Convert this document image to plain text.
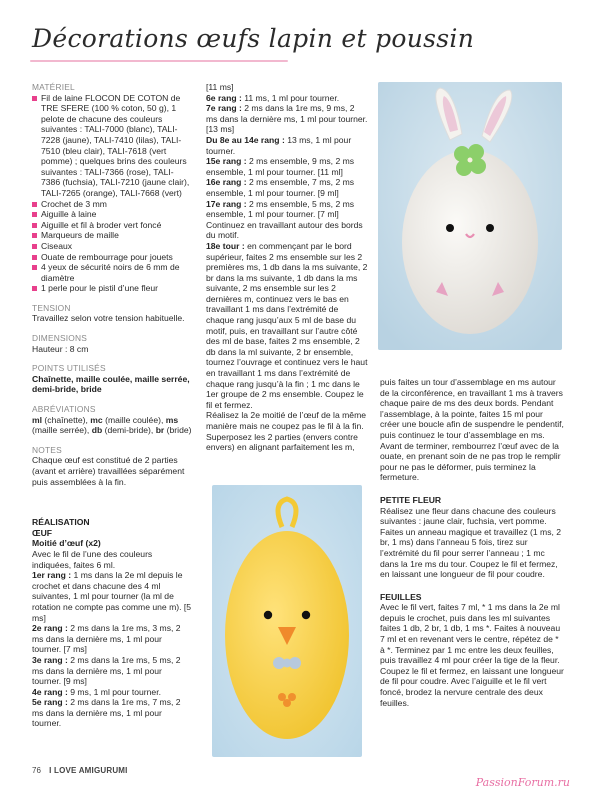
Décorations œufs lapin et poussin

MATÉRIEL

Fil de laine FLOCON DE COTON de TRE SFERE (100 % coton, 50 g), 1 pelote de chacune des couleurs suivantes : TALI-7000 (blanc), TALI-7228 (jaune), TALI-7410 (lilas), TALI-7510 (bleu clair), TALI-7618 (vert pomme) ; quelques brins des couleurs suivantes : TALI-7366 (rose), TALI-7386 (fuchsia), TALI-7210 (jaune clair), TALI-7265 (orange), TALI-7668 (vert)
Crochet de 3 mm
Aiguille à laine
Aiguille et fil à broder vert foncé
Marqueurs de maille
Ciseaux
Ouate de rembourrage pour jouets
4 yeux de sécurité noirs de 6 mm de diamètre
1 perle pour le pistil d’une fleur

TENSION

Travaillez selon votre tension habituelle.

DIMENSIONS

Hauteur : 8 cm

POINTS UTILISÉS

Chaînette, maille coulée, maille serrée, demi-bride, bride

ABRÉVIATIONS

ml (chaînette), mc (maille coulée), ms (maille serrée), db (demi-bride), br (bride)

NOTES

Chaque œuf est constitué de 2 parties (avant et arrière) travaillées séparément puis assemblées à la fin.

RÉALISATION

ŒUF

Moitié d’œuf (x2)

Avec le fil de l’une des couleurs indiquées, faites 6 ml.

1er rang : 1 ms dans la 2e ml depuis le crochet et dans chacune des 4 ml suivantes, 1 ml pour tourner (la ml de rotation ne compte pas comme une m). [5 ms]

2e rang : 2 ms dans la 1re ms, 3 ms, 2 ms dans la dernière ms, 1 ml pour tourner. [7 ms]

3e rang : 2 ms dans la 1re ms, 5 ms, 2 ms dans la dernière ms, 1 ml pour tourner. [9 ms]

4e rang : 9 ms, 1 ml pour tourner.

5e rang : 2 ms dans la 1re ms, 7 ms, 2 ms dans la dernière ms, 1 ml pour tourner.

[11 ms]

6e rang : 11 ms, 1 ml pour tourner.

7e rang : 2 ms dans la 1re ms, 9 ms, 2 ms dans la dernière ms, 1 ml pour tourner. [13 ms]

Du 8e au 14e rang : 13 ms, 1 ml pour tourner.

15e rang : 2 ms ensemble, 9 ms, 2 ms ensemble, 1 ml pour tourner. [11 ml]

16e rang : 2 ms ensemble, 7 ms, 2 ms ensemble, 1 ml pour tourner. [9 ml]

17e rang : 2 ms ensemble, 5 ms, 2 ms ensemble, 1 ml pour tourner. [7 ml]

Continuez en travaillant autour des bords du motif.

18e tour : en commençant par le bord supérieur, faites 2 ms ensemble sur les 2 premières ms, 1 db dans la ms suivante, 2 br dans la ms suivante, 1 db dans la ms suivante, 2 ms ensemble sur les 2 dernières m, continuez vers le bas en travaillant 1 ms dans l’extrémité de chaque rang jusqu’aux 5 ml de base du motif, puis, en travaillant sur l’autre côté des ml de base, faites 2 ms ensemble, 2 db dans la ml suivante, 2 br ensemble, tournez l’ouvrage et continuez vers le haut en travaillant 1 ms dans l’extrémité de chaque rang jusqu’à la fin ; 1 mc dans le 1er groupe de 2 ms ensemble. Coupez le fil et fermez.

Réalisez la 2e moitié de l’œuf de la même manière mais ne coupez pas le fil à la fin. Superposez les 2 parties (envers contre envers) en alignant parfaitement les m,

puis faites un tour d’assemblage en ms autour de la circonférence, en travaillant 1 ms à travers chaque paire de ms des deux bords. Pendant l’assemblage, à la pointe, faites 15 ml pour créer une boucle afin de suspendre le pendentif, puis continuez le tour d’assemblage en ms. Avant de terminer, rembourrez l’œuf avec de la ouate, en prenant soin de ne pas trop le remplir pour ne pas le déformer, puis terminez la fermeture.

PETITE FLEUR

Réalisez une fleur dans chacune des couleurs suivantes : jaune clair, fuchsia, vert pomme. Faites un anneau magique et travaillez (1 ms, 2 br, 1 ms) dans l’anneau 5 fois, tirez sur l’extrémité du fil pour serrer l’anneau ; 1 mc dans la 1re ms du tour. Coupez le fil et fermez, en laissant une longueur de fil pour coudre.

FEUILLES

Avec le fil vert, faites 7 ml, * 1 ms dans la 2e ml depuis le crochet, puis dans les ml suivantes faites 1 db, 2 br, 1 db, 1 ms *. Faites à nouveau 7 ml et en revenant vers le centre, répétez de * à *. Terminez par 1 mc entre les deux feuilles, puis travaillez 4 ml pour créer la tige de la fleur. Coupez le fil et fermez, en laissant une longueur de fil pour coudre. Avec l’aiguille et le fil vert foncé, brodez la nervure centrale des deux feuilles.

76 I LOVE AMIGURUMI
PassionForum.ru
